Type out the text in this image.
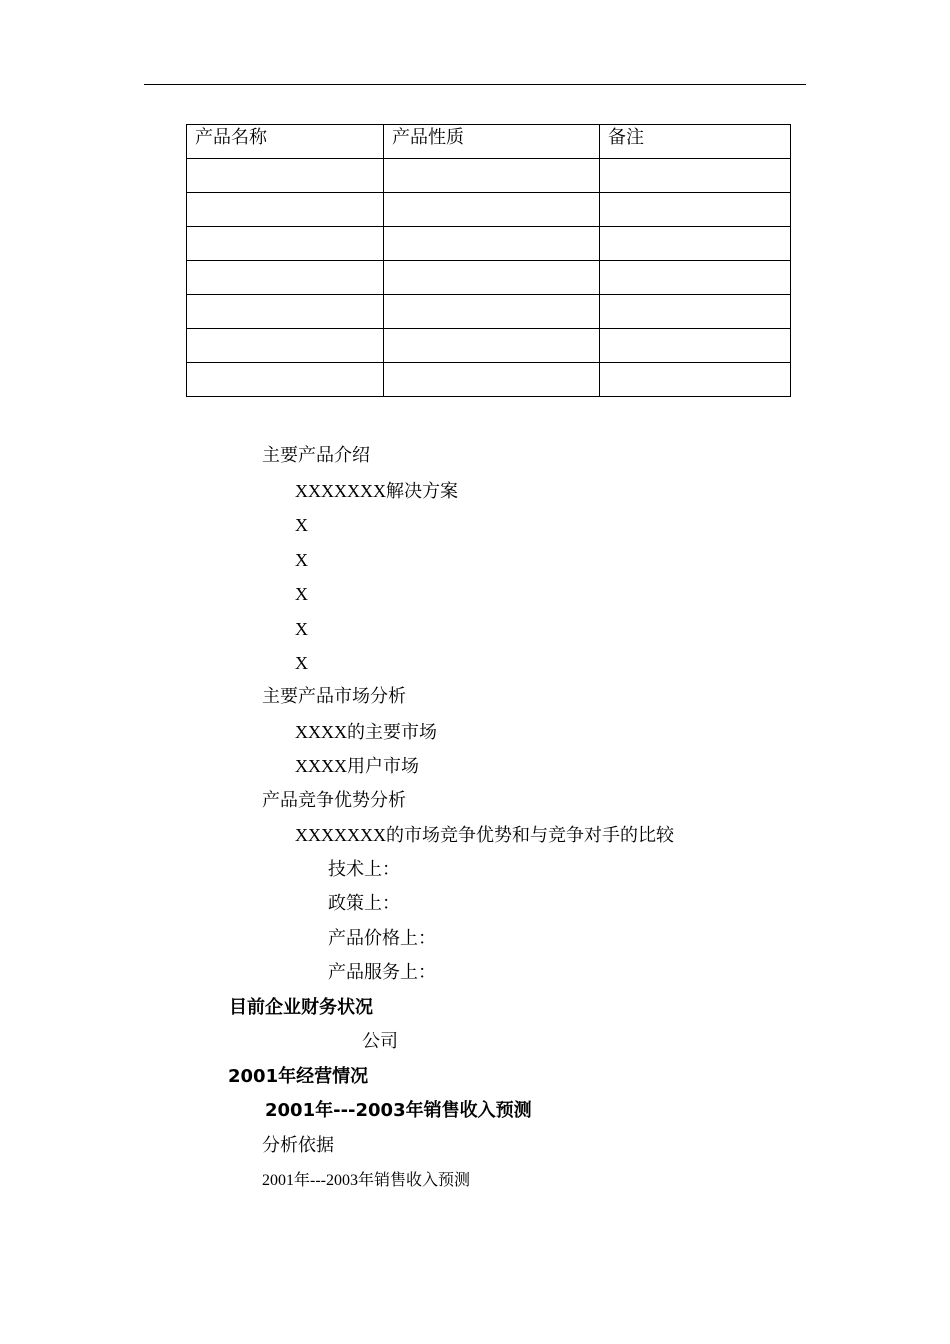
产品名称	产品性质	备注

主要产品介绍
XXXXXXX解决方案
X
X
X
X
X
主要产品市场分析
XXXX的主要市场
XXXX用户市场
产品竞争优势分析
XXXXXXX的市场竞争优势和与竞争对手的比较
技术上：
政策上：
产品价格上：
产品服务上：
目前企业财务状况
公司
2001年经营情况
2001年---2003年销售收入预测
分析依据
2001年---2003年销售收入预测
